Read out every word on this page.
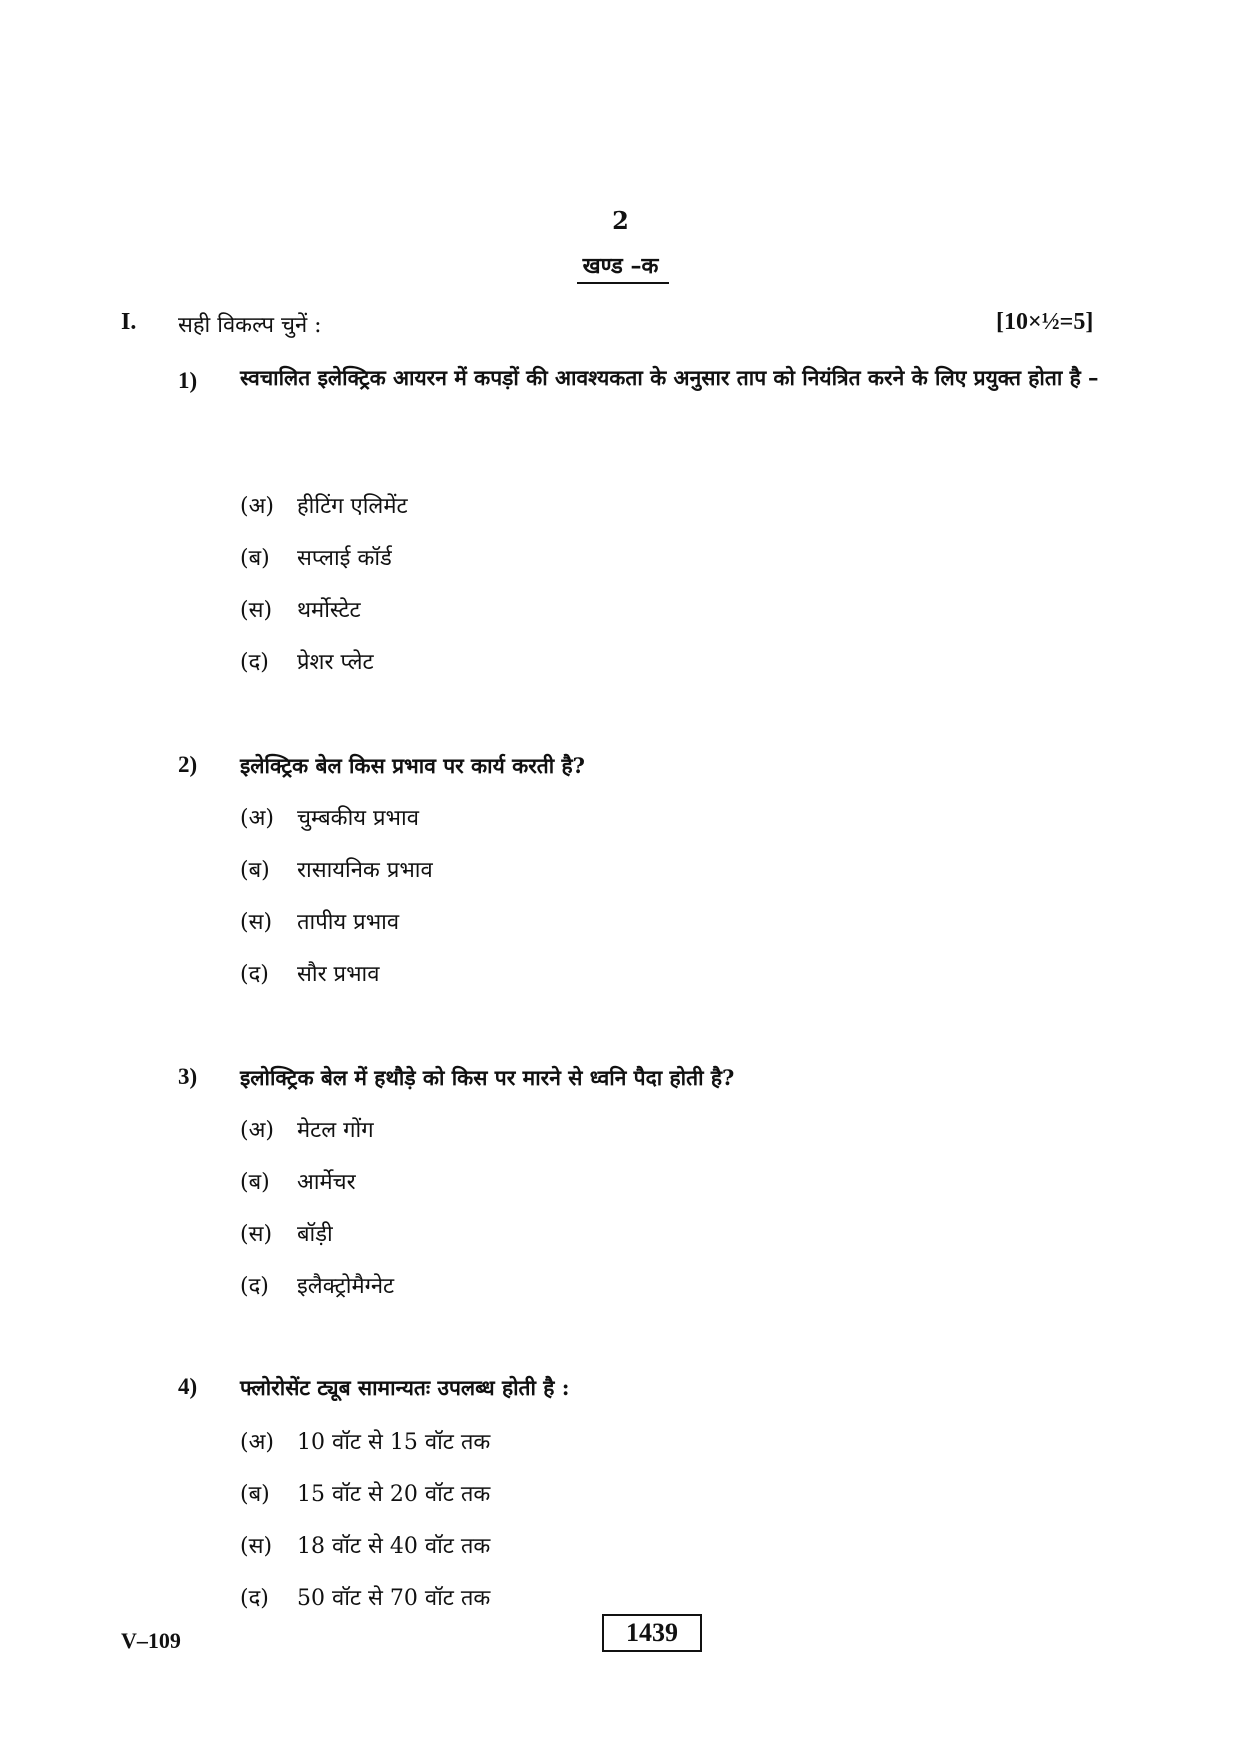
2
खण्ड –क
I. सही विकल्प चुनें :	[10×½=5]
1) स्वचालित इलेक्ट्रिक आयरन में कपड़ों की आवश्यकता के अनुसार ताप को नियंत्रित करने के लिए प्रयुक्त होता है –
(अ) हीटिंग एलिमेंट
(ब) सप्लाई कॉर्ड
(स) थर्मोस्टेट
(द) प्रेशर प्लेट
2) इलेक्ट्रिक बेल किस प्रभाव पर कार्य करती है?
(अ) चुम्बकीय प्रभाव
(ब) रासायनिक प्रभाव
(स) तापीय प्रभाव
(द) सौर प्रभाव
3) इलोक्ट्रिक बेल में हथौड़े को किस पर मारने से ध्वनि पैदा होती है?
(अ) मेटल गोंग
(ब) आर्मेचर
(स) बॉड़ी
(द) इलैक्ट्रोमैग्नेट
4) फ्लोरोसेंट ट्यूब सामान्यतः उपलब्ध होती है :
(अ) 10 वॉट से 15 वॉट तक
(ब) 15 वॉट से 20 वॉट तक
(स) 18 वॉट से 40 वॉट तक
(द) 50 वॉट से 70 वॉट तक
V–109	1439
